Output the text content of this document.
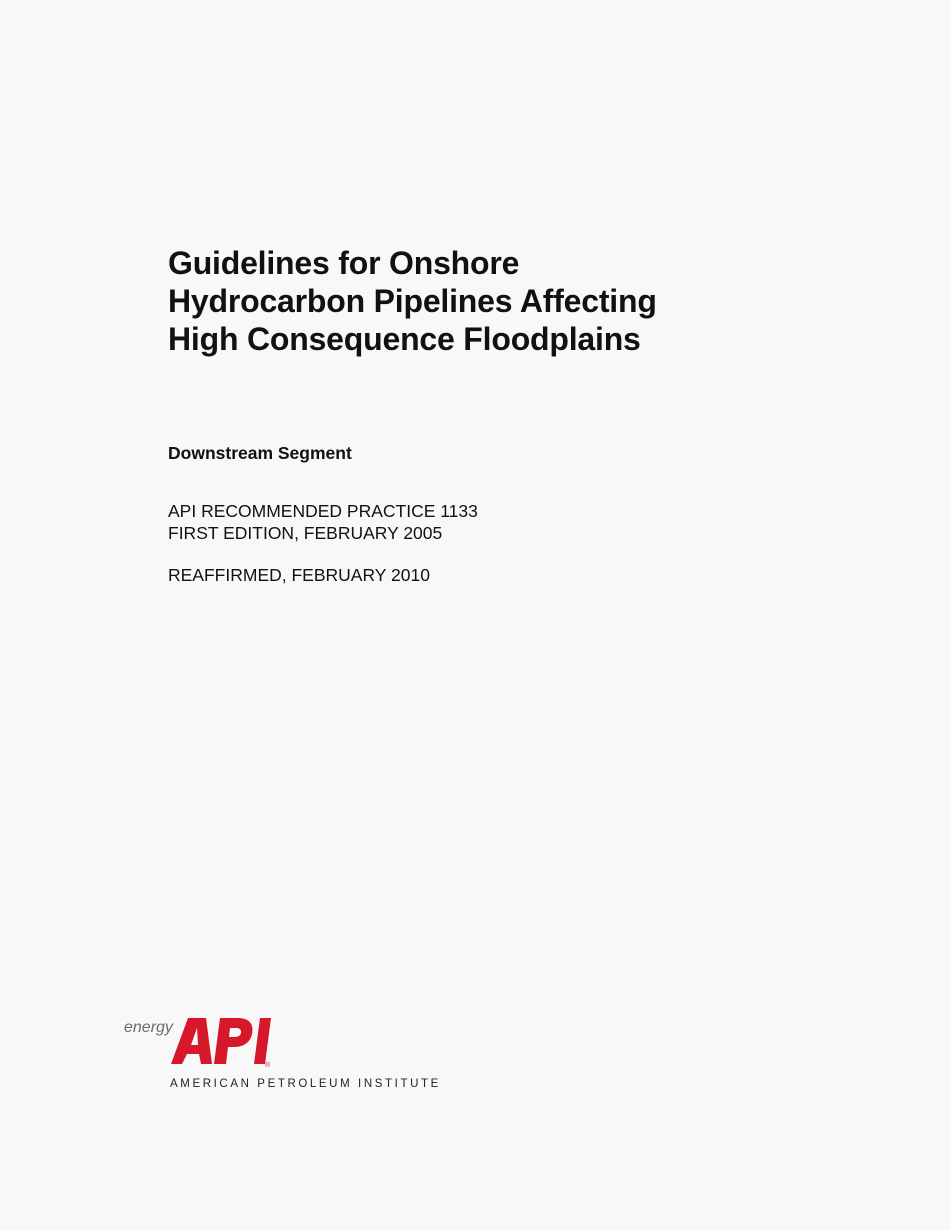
Guidelines for Onshore
Hydrocarbon Pipelines Affecting
High Consequence Floodplains

Downstream Segment

API RECOMMENDED PRACTICE 1133
FIRST EDITION, FEBRUARY 2005
REAFFIRMED, FEBRUARY 2010
energy
®
AMERICAN PETROLEUM INSTITUTE
